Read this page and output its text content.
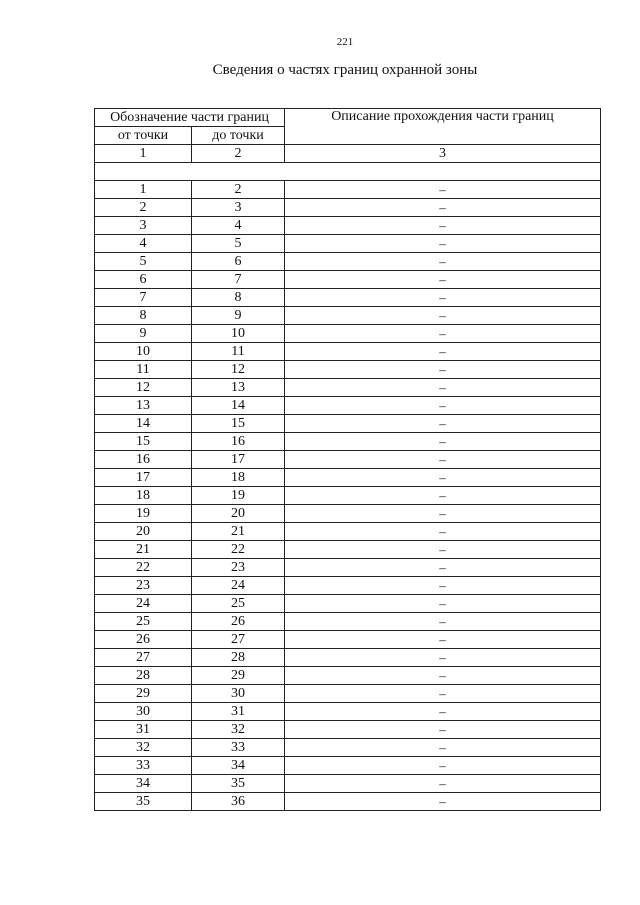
221
Сведения о частях границ охранной зоны
Обозначение части границ		Описание прохождения части границ
от точки	до точки	
1	2	3

1	2	–
2	3	–
3	4	–
4	5	–
5	6	–
6	7	–
7	8	–
8	9	–
9	10	–
10	11	–
11	12	–
12	13	–
13	14	–
14	15	–
15	16	–
16	17	–
17	18	–
18	19	–
19	20	–
20	21	–
21	22	–
22	23	–
23	24	–
24	25	–
25	26	–
26	27	–
27	28	–
28	29	–
29	30	–
30	31	–
31	32	–
32	33	–
33	34	–
34	35	–
35	36	–
